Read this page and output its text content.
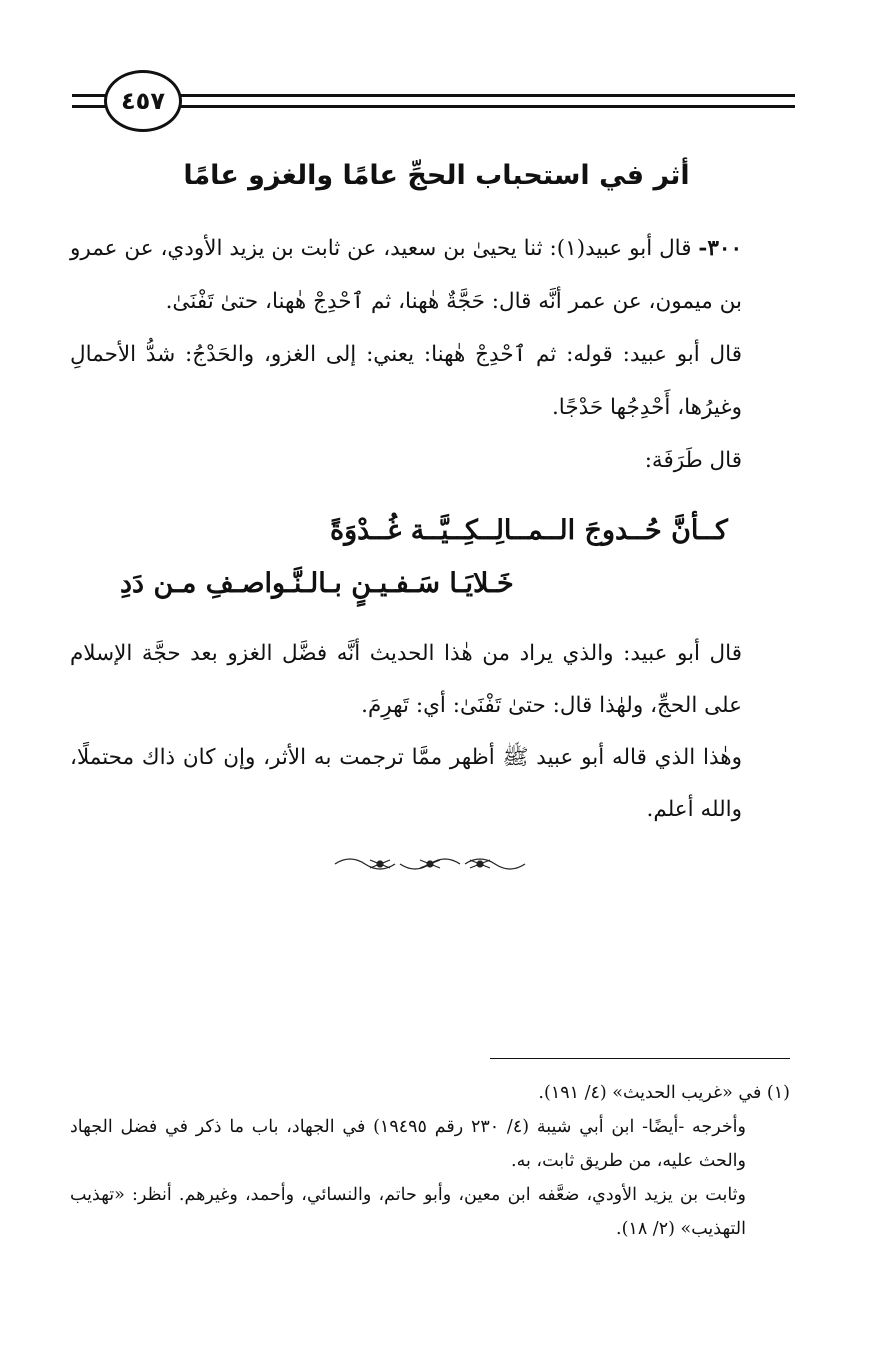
٤٥٧
أثر في استحباب الحجِّ عامًا والغزو عامًا

٣٠٠- قال أبو عبيد(١): ثنا يحيىٰ بن سعيد، عن ثابت بن يزيد الأودي، عن عمرو بن ميمون، عن عمر أنَّه قال: حَجَّةٌ هٰهنا، ثم ٱحْدِجْ هٰهنا، حتىٰ تَفْنَىٰ.

قال أبو عبيد: قوله: ثم ٱحْدِجْ هٰهنا: يعني: إلى الغزو، والحَدْجُ: شدُّ الأحمالِ وغيرُها، أَحْدِجُها حَدْجًا.

قال طَرَفَة:

كــأنَّ حُــدوجَ الــمــالِــكِــيَّــة غُــدْوَةً
خَـلايَـا سَـفـيـنٍ بـالـنَّـواصـفِ مـن دَدِ

قال أبو عبيد: والذي يراد من هٰذا الحديث أنَّه فضَّل الغزو بعد حجَّة الإسلام على الحجِّ، ولهٰذا قال: حتىٰ تَفْنَىٰ: أي: تَهرِمَ.

وهٰذا الذي قاله أبو عبيد ﷺ أظهر ممَّا ترجمت به الأثر، وإن كان ذاك محتملًا، والله أعلم.

(١) في «غريب الحديث» (٤/ ١٩١).

وأخرجه -أيضًا- ابن أبي شيبة (٤/ ٢٣٠ رقم ١٩٤٩٥) في الجهاد، باب ما ذكر في فضل الجهاد والحث عليه، من طريق ثابت، به.

وثابت بن يزيد الأودي، ضعَّفه ابن معين، وأبو حاتم، والنسائي، وأحمد، وغيرهم. أنظر: «تهذيب التهذيب» (٢/ ١٨).
